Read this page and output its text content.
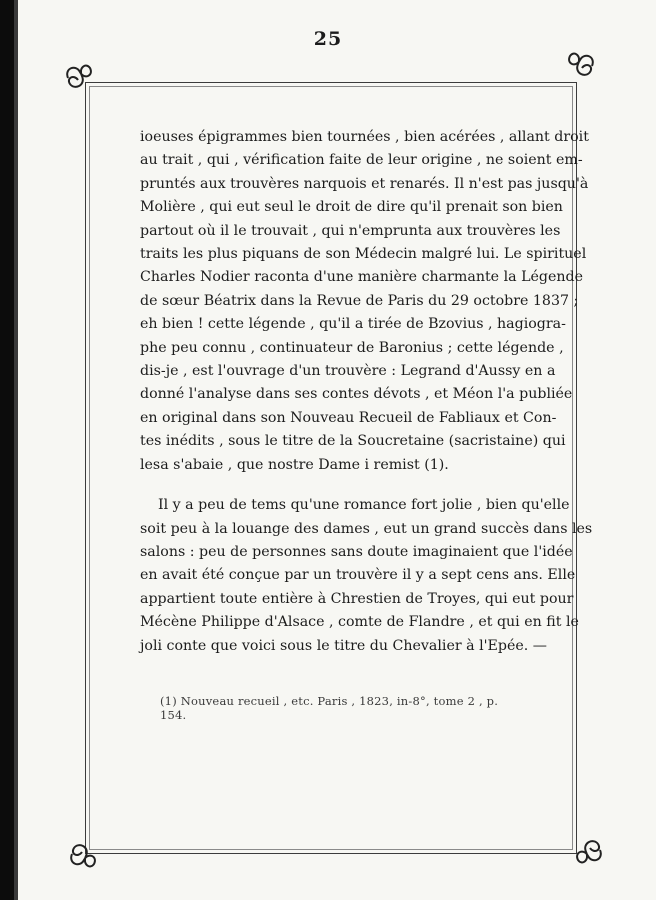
25

ioeuses épigrammes bien tournées , bien acérées , allant droit
au trait , qui , vérification faite de leur origine , ne soient em-
pruntés aux trouvères narquois et renarés. Il n'est pas jusqu'à
Molière , qui eut seul le droit de dire qu'il prenait son bien
partout où il le trouvait , qui n'emprunta aux trouvères les
traits les plus piquans de son Médecin malgré lui. Le spirituel
Charles Nodier raconta d'une manière charmante la Légende
de sœur Béatrix dans la Revue de Paris du 29 octobre 1837 ;
eh bien ! cette légende , qu'il a tirée de Bzovius , hagiogra-
phe peu connu , continuateur de Baronius ; cette légende ,
dis-je , est l'ouvrage d'un trouvère : Legrand d'Aussy en a
donné l'analyse dans ses contes dévots , et Méon l'a publiée
en original dans son Nouveau Recueil de Fabliaux et Con-
tes inédits , sous le titre de la Soucretaine (sacristaine) qui
lesa s'abaie , que nostre Dame i remist (1).

Il y a peu de tems qu'une romance fort jolie , bien qu'elle
soit peu à la louange des dames , eut un grand succès dans les
salons : peu de personnes sans doute imaginaient que l'idée
en avait été conçue par un trouvère il y a sept cens ans. Elle
appartient toute entière à Chrestien de Troyes, qui eut pour
Mécène Philippe d'Alsace , comte de Flandre , et qui en fit le
joli conte que voici sous le titre du Chevalier à l'Epée. —

(1) Nouveau recueil , etc. Paris , 1823, in-8°, tome 2 , p. 154.
